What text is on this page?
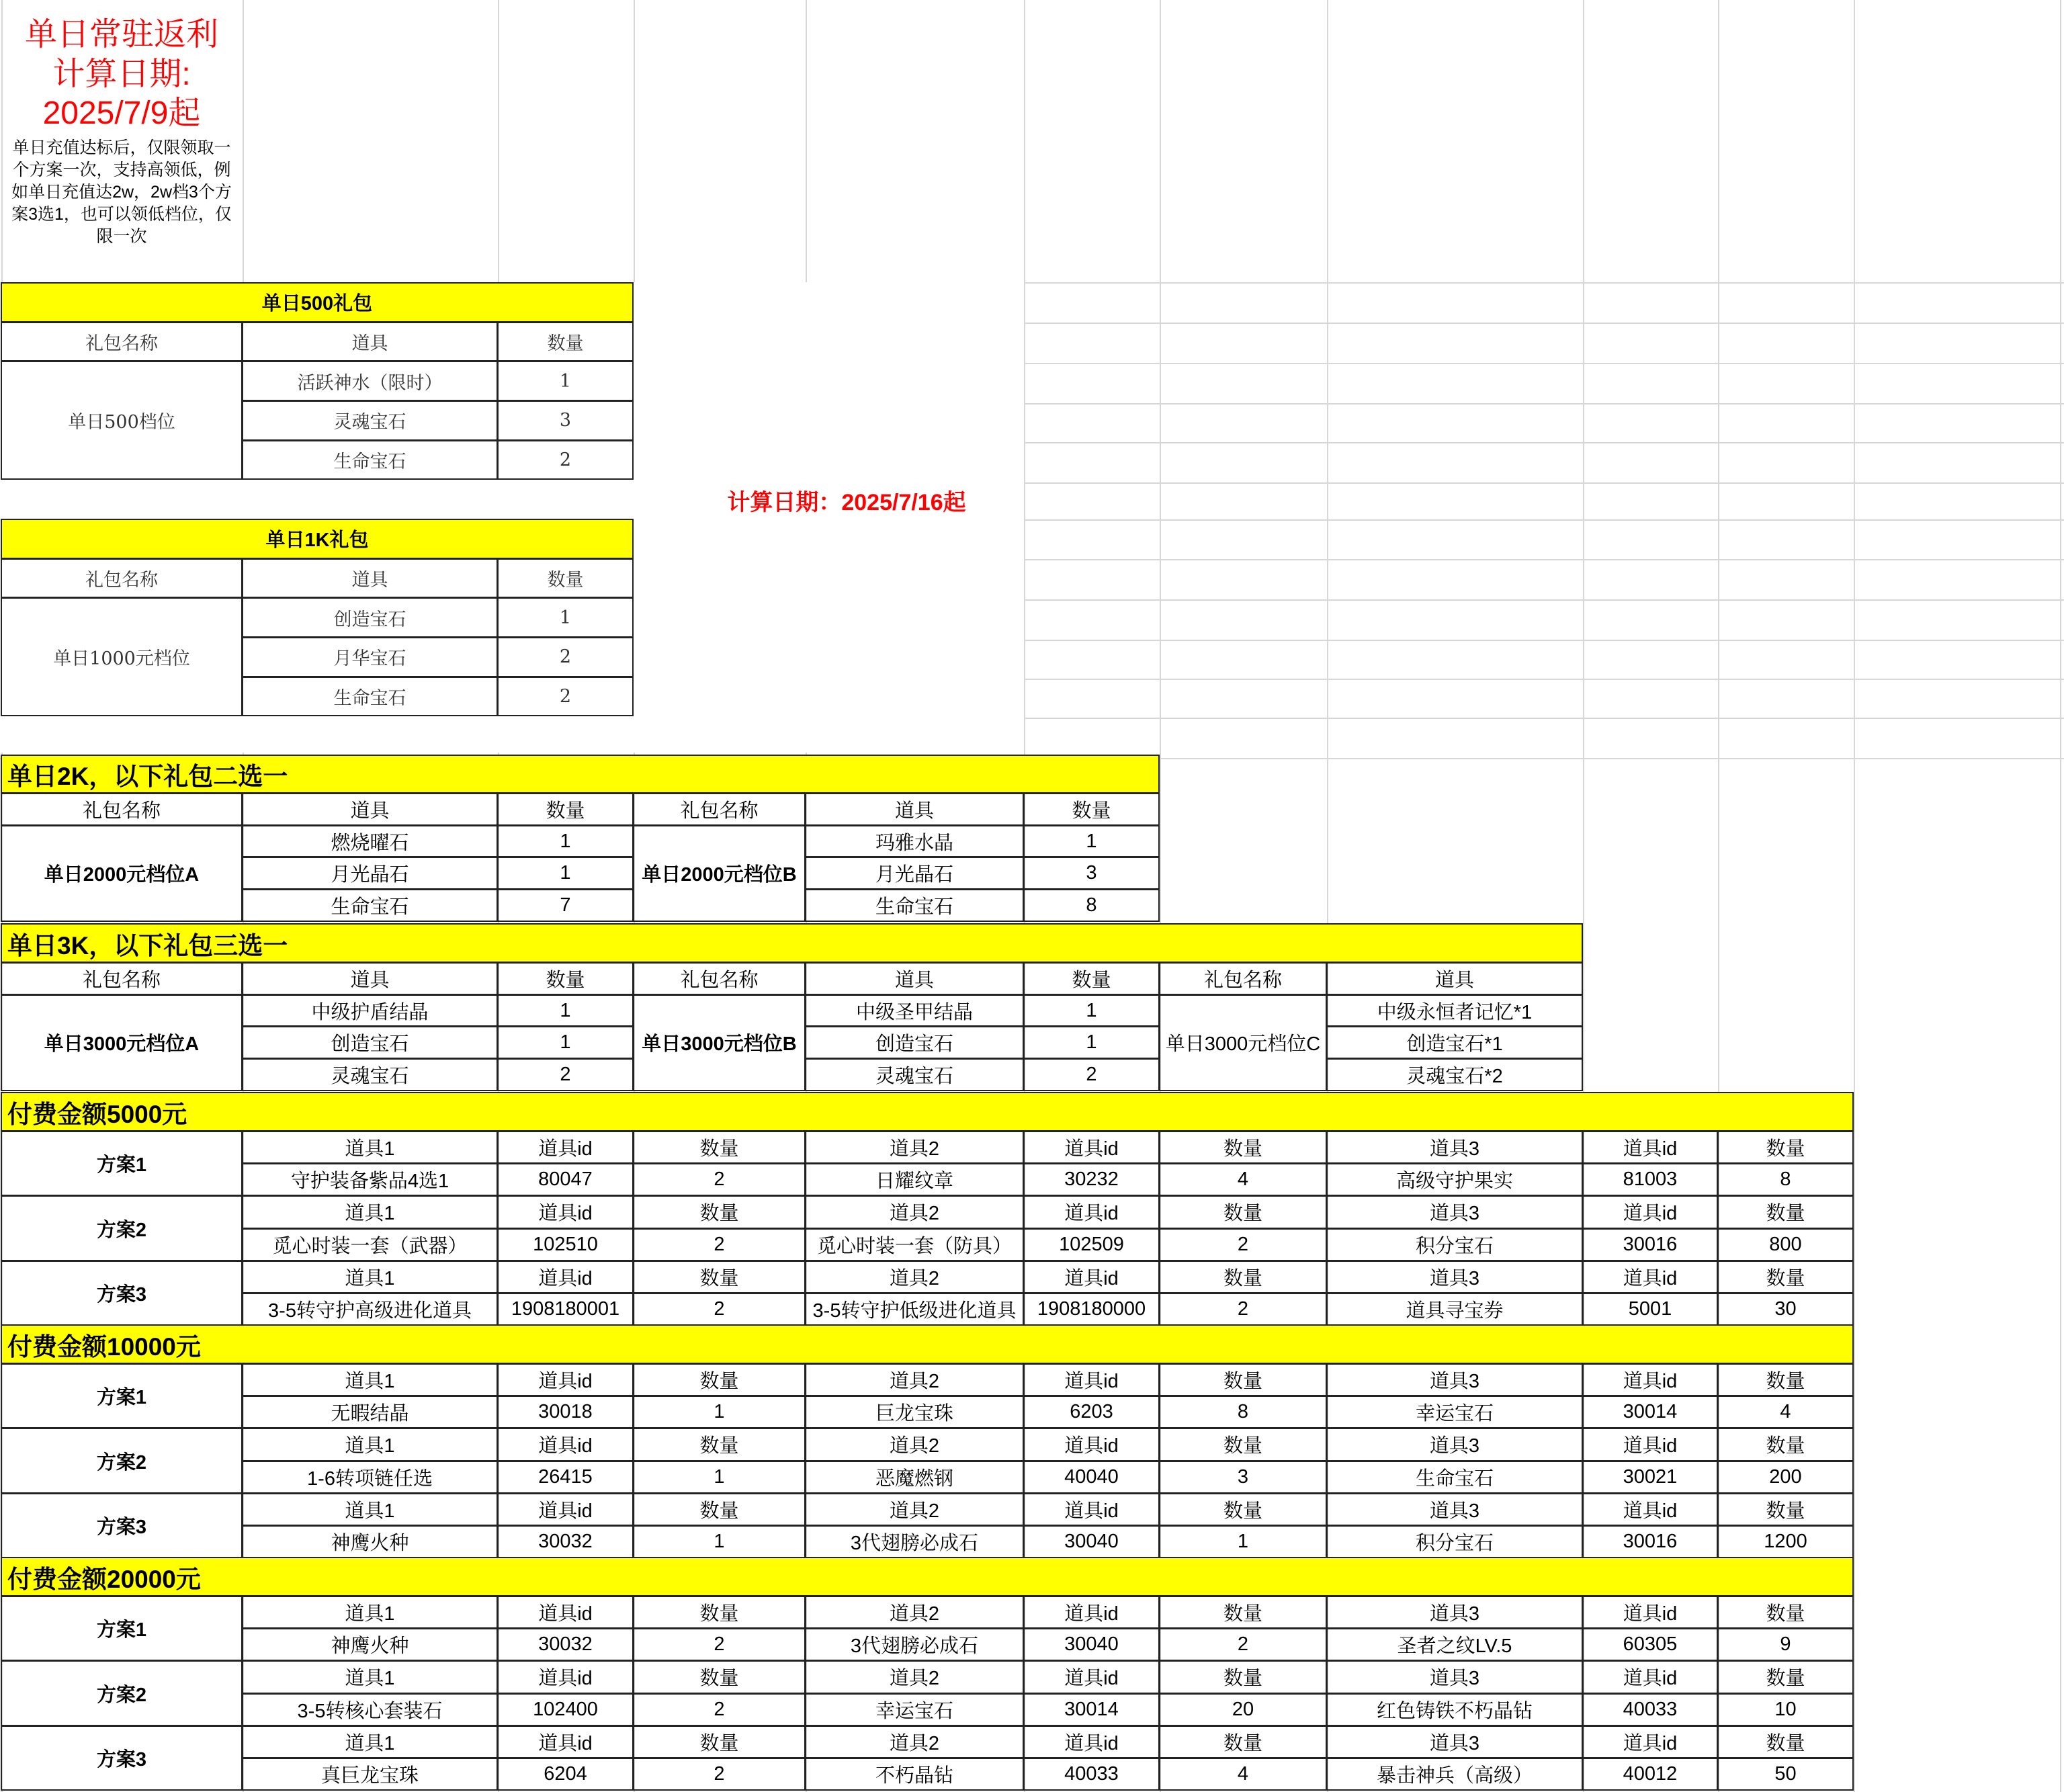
单日常驻返利
计算日期:
2025/7/9起
单日充值达标后，仅限领取一个方案一次，支持高领低，例如单日充值达2w，2w档3个方案3选1，也可以领低档位，仅限一次
计算日期：2025/7/16起
单日500礼包
礼包名称	道具	数量
单日500档位
活跃神水（限时）	1
灵魂宝石	3
生命宝石	2
单日1K礼包
礼包名称	道具	数量
单日1000元档位
创造宝石	1
月华宝石	2
生命宝石	2
单日2K，以下礼包二选一
礼包名称	道具	数量	礼包名称	道具	数量
单日2000元档位A	单日2000元档位B
燃烧曜石	1	玛雅水晶	1
月光晶石	1	月光晶石	3
生命宝石	7	生命宝石	8
单日3K，以下礼包三选一
礼包名称	道具	数量	礼包名称	道具	数量	礼包名称	道具
单日3000元档位A	单日3000元档位B	单日3000元档位C
中级护盾结晶	1	中级圣甲结晶	1	中级永恒者记忆*1
创造宝石	1	创造宝石	1	创造宝石*1
灵魂宝石	2	灵魂宝石	2	灵魂宝石*2
付费金额5000元
方案1
道具1	道具id	数量	道具2	道具id	数量	道具3	道具id	数量
守护装备紫品4选1	80047	2	日耀纹章	30232	4	高级守护果实	81003	8
方案2
道具1	道具id	数量	道具2	道具id	数量	道具3	道具id	数量
觅心时装一套（武器）	102510	2	觅心时装一套（防具）	102509	2	积分宝石	30016	800
方案3
道具1	道具id	数量	道具2	道具id	数量	道具3	道具id	数量
3-5转守护高级进化道具	1908180001	2	3-5转守护低级进化道具	1908180000	2	道具寻宝券	5001	30
付费金额10000元
方案1
道具1	道具id	数量	道具2	道具id	数量	道具3	道具id	数量
无暇结晶	30018	1	巨龙宝珠	6203	8	幸运宝石	30014	4
方案2
道具1	道具id	数量	道具2	道具id	数量	道具3	道具id	数量
1-6转项链任选	26415	1	恶魔燃钢	40040	3	生命宝石	30021	200
方案3
道具1	道具id	数量	道具2	道具id	数量	道具3	道具id	数量
神鹰火种	30032	1	3代翅膀必成石	30040	1	积分宝石	30016	1200
付费金额20000元
方案1
道具1	道具id	数量	道具2	道具id	数量	道具3	道具id	数量
神鹰火种	30032	2	3代翅膀必成石	30040	2	圣者之纹LV.5	60305	9
方案2
道具1	道具id	数量	道具2	道具id	数量	道具3	道具id	数量
3-5转核心套装石	102400	2	幸运宝石	30014	20	红色铸铁不朽晶钻	40033	10
方案3
道具1	道具id	数量	道具2	道具id	数量	道具3	道具id	数量
真巨龙宝珠	6204	2	不朽晶钻	40033	4	暴击神兵（高级）	40012	50
